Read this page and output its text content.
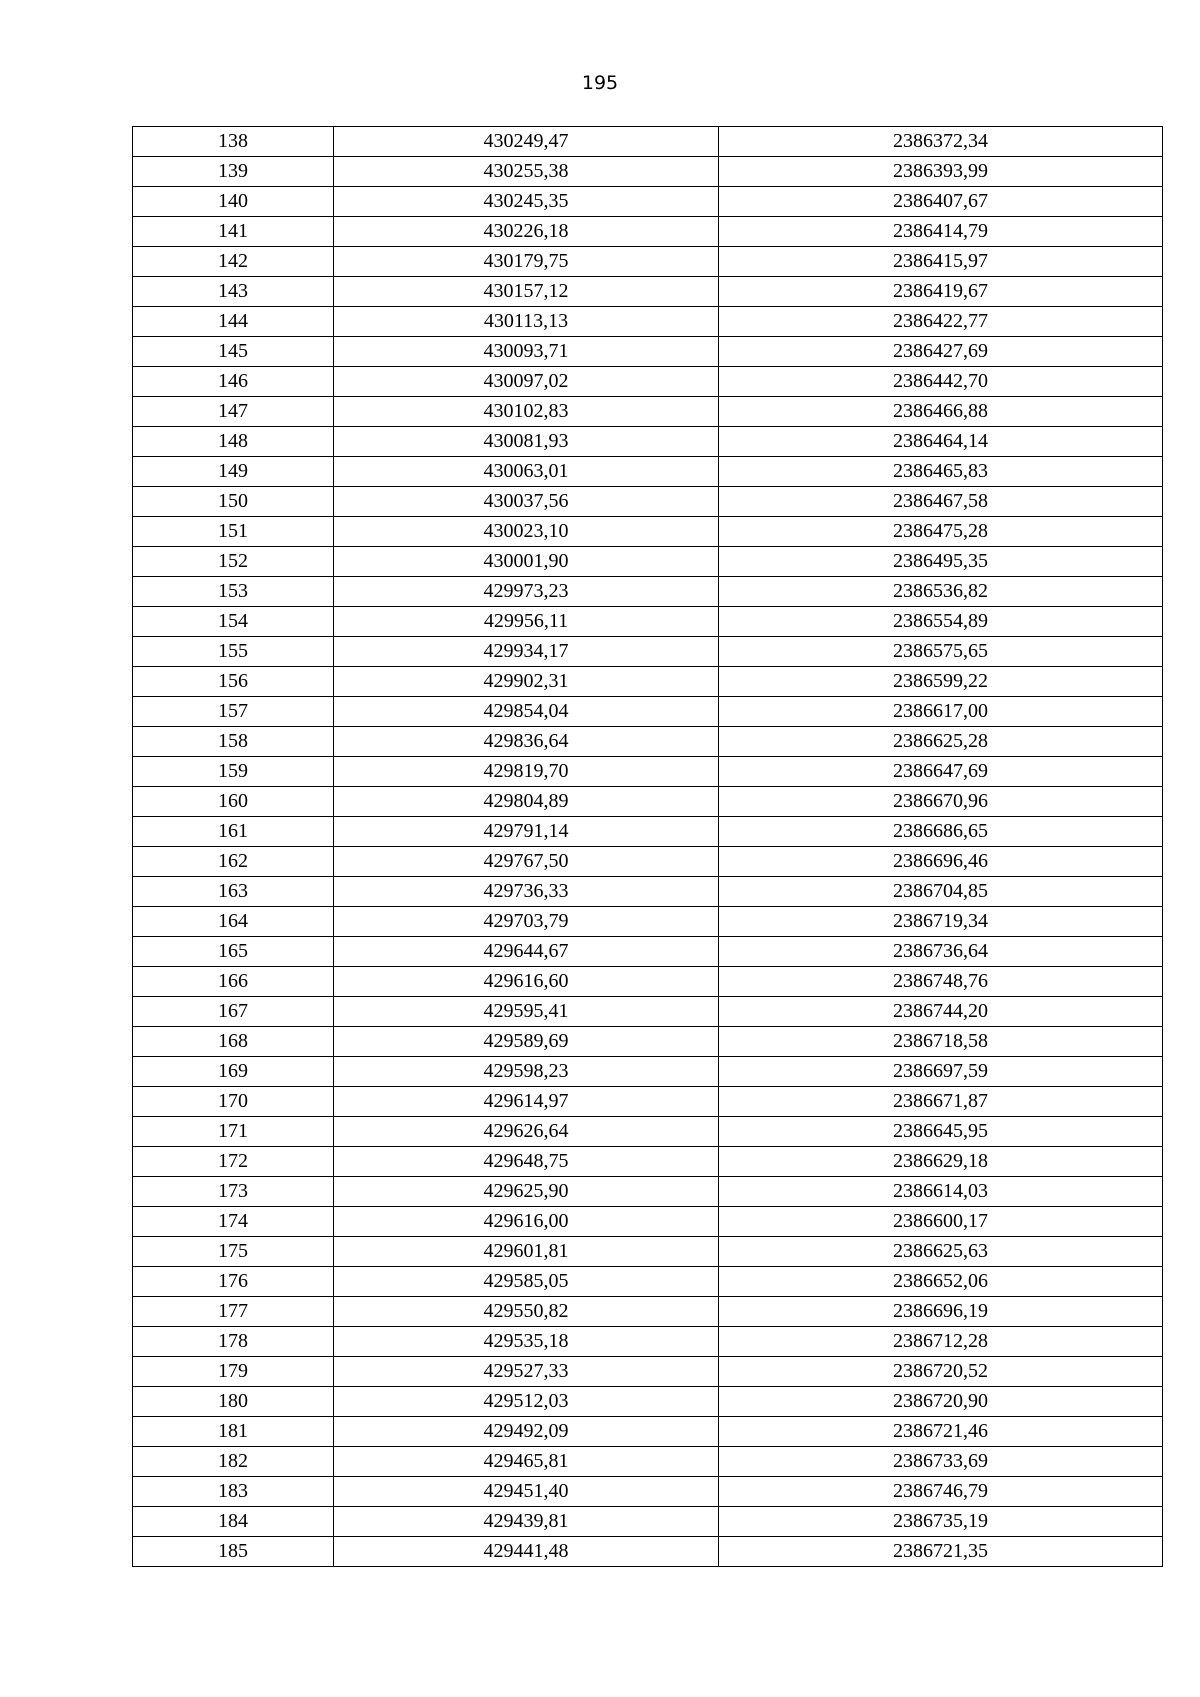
195
138	430249,47	2386372,34
139	430255,38	2386393,99
140	430245,35	2386407,67
141	430226,18	2386414,79
142	430179,75	2386415,97
143	430157,12	2386419,67
144	430113,13	2386422,77
145	430093,71	2386427,69
146	430097,02	2386442,70
147	430102,83	2386466,88
148	430081,93	2386464,14
149	430063,01	2386465,83
150	430037,56	2386467,58
151	430023,10	2386475,28
152	430001,90	2386495,35
153	429973,23	2386536,82
154	429956,11	2386554,89
155	429934,17	2386575,65
156	429902,31	2386599,22
157	429854,04	2386617,00
158	429836,64	2386625,28
159	429819,70	2386647,69
160	429804,89	2386670,96
161	429791,14	2386686,65
162	429767,50	2386696,46
163	429736,33	2386704,85
164	429703,79	2386719,34
165	429644,67	2386736,64
166	429616,60	2386748,76
167	429595,41	2386744,20
168	429589,69	2386718,58
169	429598,23	2386697,59
170	429614,97	2386671,87
171	429626,64	2386645,95
172	429648,75	2386629,18
173	429625,90	2386614,03
174	429616,00	2386600,17
175	429601,81	2386625,63
176	429585,05	2386652,06
177	429550,82	2386696,19
178	429535,18	2386712,28
179	429527,33	2386720,52
180	429512,03	2386720,90
181	429492,09	2386721,46
182	429465,81	2386733,69
183	429451,40	2386746,79
184	429439,81	2386735,19
185	429441,48	2386721,35
